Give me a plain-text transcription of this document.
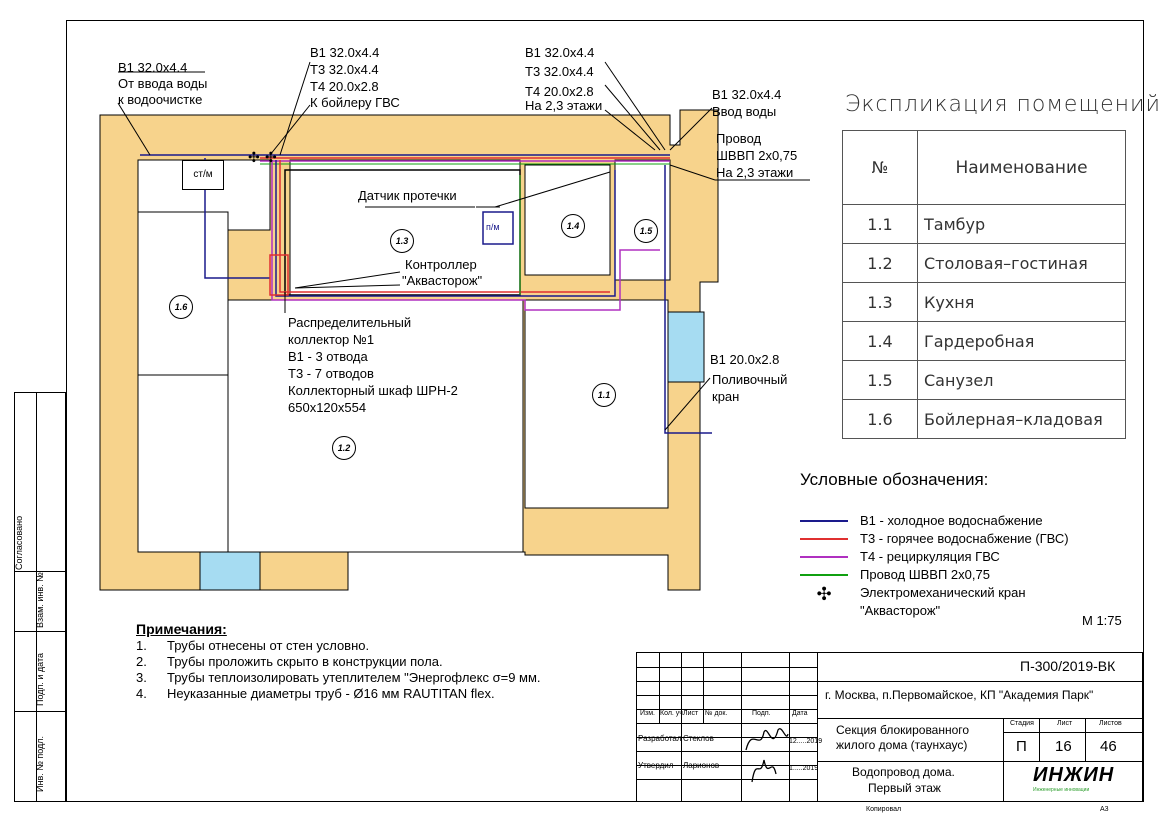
Согласовано
Взам. инв. №
Подп. и дата
Инв. № подл.
✣ ✣
1.1
1.2
1.3
1.4	1.5
1.6
ст/м
п/м
В1 32.0х4.4
От ввода воды
к водоочистке
В1 32.0х4.4
Т3 32.0х4.4
Т4 20.0х2.8
К бойлеру ГВС
В1 32.0х4.4
Т3 32.0х4.4
Т4 20.0х2.8
На 2,3 этажи
В1 32.0х4.4
Ввод воды
Провод
ШВВП 2х0,75
На 2,3 этажи
Датчик протечки
Контроллер
"Аквасторож"
Распределительный
коллектор №1
В1 - 3 отвода
Т3 - 7 отводов
Коллекторный шкаф ШРН-2
650х120х554
В1 20.0х2.8
Поливочный
кран
Экспликация помещений
№	Наименование
1.1	Тамбур
1.2	Столовая–гостиная
1.3	Кухня
1.4	Гардеробная
1.5	Санузел
1.6	Бойлерная–кладовая
Условные обозначения:
В1 - холодное водоснабжение
Т3 - горячее водоснабжение (ГВС)
Т4 - рециркуляция ГВС
Провод ШВВП 2х0,75
✣	Электромеханический кран
"Аквасторож"
М 1:75
Примечания:
1. Трубы отнесены от стен условно.
2. Трубы проложить скрыто в конструкции пола.
3. Трубы теплоизолировать утеплителем "Энергофлекс σ=9 мм.
4. Неуказанные диаметры труб - Ø16 мм RAUTITAN flex.
Изм. Кол. уч Лист № док.	Подп.	Дата
Разработал Стеклов	12.....2019
Утвердил Ларионов	1.....2019
П-300/2019-ВК
г. Москва, п.Первомайское, КП "Академия Парк"
Секция блокированного
жилого дома (таунхаус)
Стадия	Лист	Листов
П 16 46
Водопровод дома.
Первый этаж
ИНЖИН
Инженерные инновации
Копировал	А3
